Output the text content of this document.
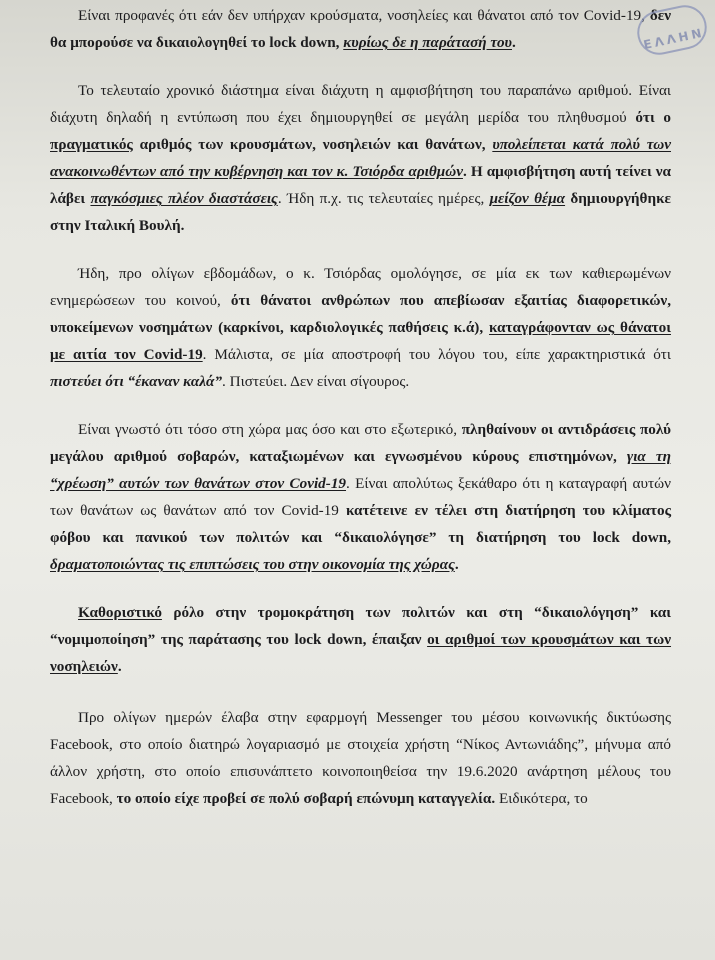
ΕΛΛΗΝ

Είναι προφανές ότι εάν δεν υπήρχαν κρούσματα, νοσηλείες και θάνατοι από τον Covid-19, δεν θα μπορούσε να δικαιολογηθεί το lock down, κυρίως δε η παράτασή του.

Το τελευταίο χρονικό διάστημα είναι διάχυτη η αμφισβήτηση του παραπάνω αριθμού. Είναι διάχυτη δηλαδή η εντύπωση που έχει δημιουργηθεί σε μεγάλη μερίδα του πληθυσμού ότι ο πραγματικός αριθμός των κρουσμάτων, νοσηλειών και θανάτων, υπολείπεται κατά πολύ των ανακοινωθέντων από την κυβέρνηση και τον κ. Τσιόρδα αριθμών. Η αμφισβήτηση αυτή τείνει να λάβει παγκόσμιες πλέον διαστάσεις. Ήδη π.χ. τις τελευταίες ημέρες, μείζον θέμα δημιουργήθηκε στην Ιταλική Βουλή.

Ήδη, προ ολίγων εβδομάδων, ο κ. Τσιόρδας ομολόγησε, σε μία εκ των καθιερωμένων ενημερώσεων του κοινού, ότι θάνατοι ανθρώπων που απεβίωσαν εξαιτίας διαφορετικών, υποκείμενων νοσημάτων (καρκίνοι, καρδιολογικές παθήσεις κ.ά), καταγράφονταν ως θάνατοι με αιτία τον Covid-19. Μάλιστα, σε μία αποστροφή του λόγου του, είπε χαρακτηριστικά ότι πιστεύει ότι “έκαναν καλά”. Πιστεύει. Δεν είναι σίγουρος.

Είναι γνωστό ότι τόσο στη χώρα μας όσο και στο εξωτερικό, πληθαίνουν οι αντιδράσεις πολύ μεγάλου αριθμού σοβαρών, καταξιωμένων και εγνωσμένου κύρους επιστημόνων, για τη “χρέωση” αυτών των θανάτων στον Covid-19. Είναι απολύτως ξεκάθαρο ότι η καταγραφή αυτών των θανάτων ως θανάτων από τον Covid-19 κατέτεινε εν τέλει στη διατήρηση του κλίματος φόβου και πανικού των πολιτών και “δικαιολόγησε” τη διατήρηση του lock down, δραματοποιώντας τις επιπτώσεις του στην οικονομία της χώρας.

Καθοριστικό ρόλο στην τρομοκράτηση των πολιτών και στη “δικαιολόγηση” και “νομιμοποίηση” της παράτασης του lock down, έπαιξαν οι αριθμοί των κρουσμάτων και των νοσηλειών.

Προ ολίγων ημερών έλαβα στην εφαρμογή Messenger του μέσου κοινωνικής δικτύωσης Facebook, στο οποίο διατηρώ λογαριασμό με στοιχεία χρήστη “Νίκος Αντωνιάδης”, μήνυμα από άλλον χρήστη, στο οποίο επισυνάπτετο κοινοποιηθείσα την 19.6.2020 ανάρτηση μέλους του Facebook, το οποίο είχε προβεί σε πολύ σοβαρή επώνυμη καταγγελία. Ειδικότερα, το
